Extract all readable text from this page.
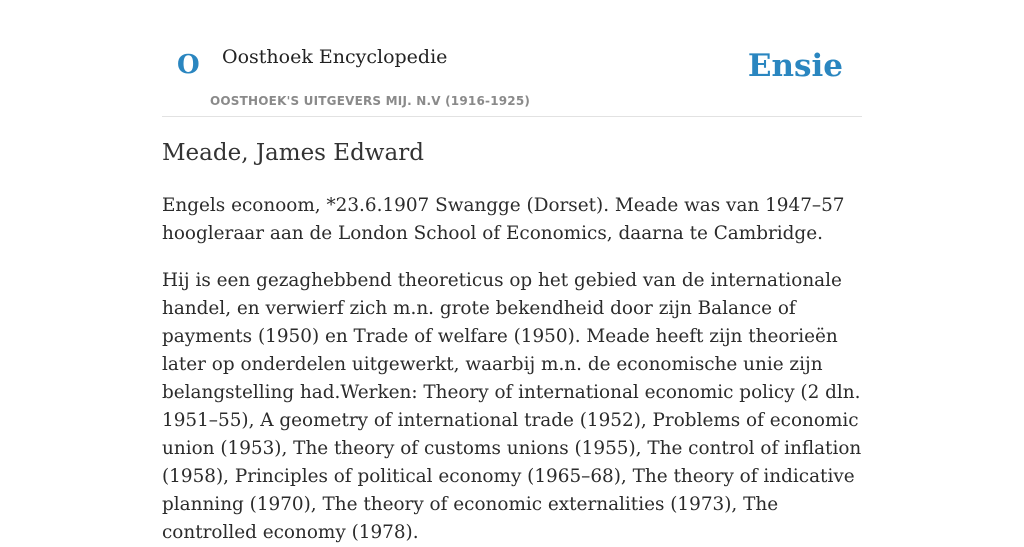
O Oosthoek Encyclopedie
OOSTHOEK'S UITGEVERS MIJ. N.V (1916-1925)
Ensie
Meade, James Edward

Engels econoom, *23.6.1907 Swangge (Dorset). Meade was van 1947–57 hoogleraar aan de London School of Economics, daarna te Cambridge.

Hij is een gezaghebbend theoreticus op het gebied van de internationale handel, en verwierf zich m.n. grote bekendheid door zijn Balance of payments (1950) en Trade of welfare (1950). Meade heeft zijn theorieën later op onderdelen uitgewerkt, waarbij m.n. de economische unie zijn belangstelling had.Werken: Theory of international economic policy (2 dln. 1951–55), A geometry of international trade (1952), Problems of economic union (1953), The theory of customs unions (1955), The control of inflation (1958), Principles of political economy (1965–68), The theory of indicative planning (1970), The theory of economic externalities (1973), The controlled economy (1978).
